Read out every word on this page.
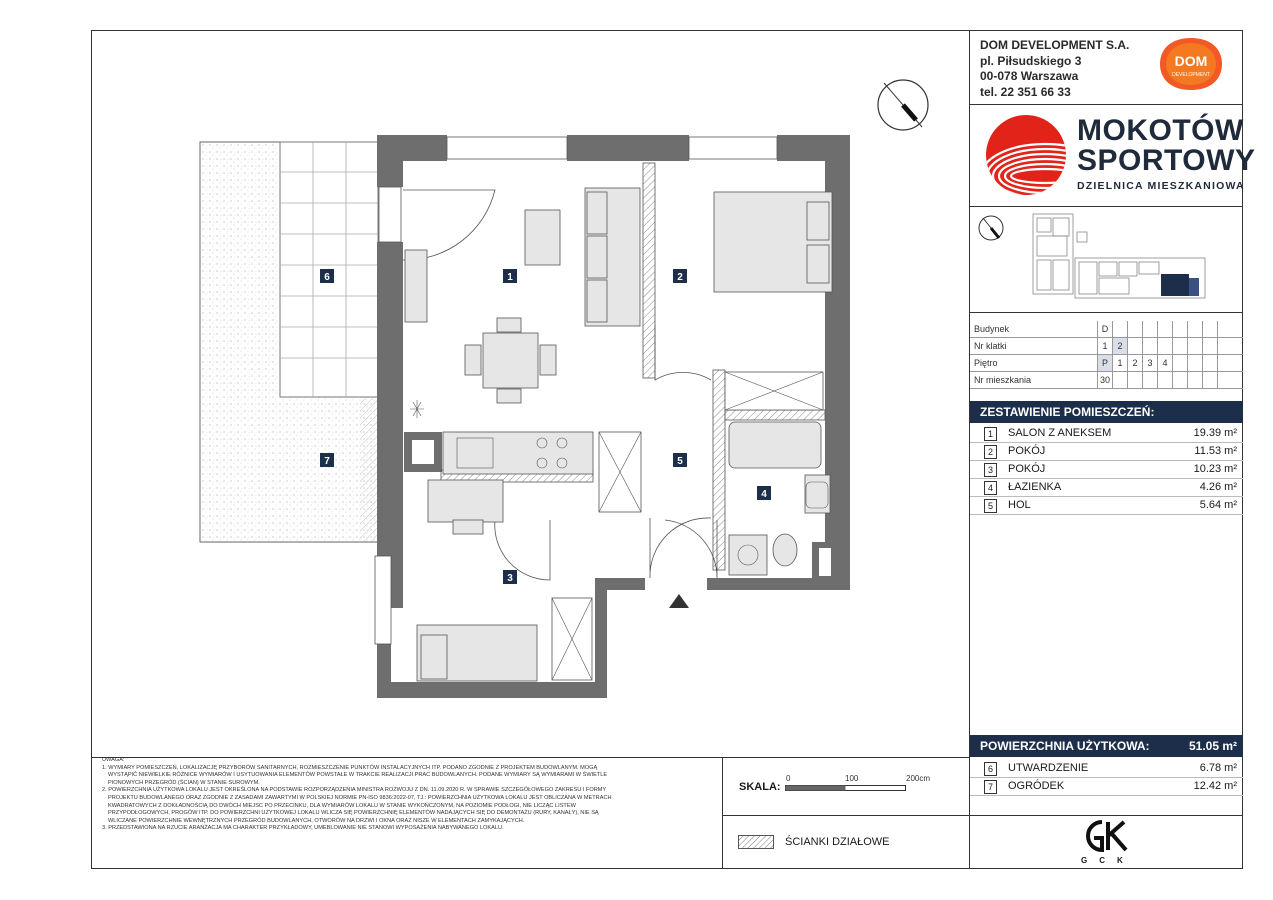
DOM DEVELOPMENT S.A.
pl. Piłsudskiego 3
00-078 Warszawa
tel. 22 351 66 33
DOM
DEVELOPMENT
MOKOTÓW
SPORTOWY
DZIELNICA MIESZKANIOWA
Budynek	D
Nr klatki	1	2
Piętro	P	1	2	3	4
Nr mieszkania	30
ZESTAWIENIE POMIESZCZEŃ:
1	SALON Z ANEKSEM	19.39 m²
2	POKÓJ	11.53 m²
3	POKÓJ	10.23 m²
4	ŁAZIENKA	4.26 m²
5	HOL	5.64 m²
POWIERZCHNIA UŻYTKOWA:	51.05 m²
6	UTWARDZENIE	6.78 m²
7	OGRÓDEK	12.42 m²
UWAGA:
1. WYMIARY POMIESZCZEŃ, LOKALIZACJĘ PRZYBORÓW SANITARNYCH, ROZMIESZCZENIE PUNKTÓW INSTALACYJNYCH ITP. PODANO ZGODNIE Z PROJEKTEM BUDOWLANYM. MOGĄ
WYSTĄPIĆ NIEWIELKIE RÓŻNICE WYMIARÓW I USYTUOWANIA ELEMENTÓW POWSTAŁE W TRAKCIE REALIZACJI PRAC BUDOWLANYCH. PODANE WYMIARY SĄ WYMIARAMI W ŚWIETLE
PIONOWYCH PRZEGRÓD (ŚCIAN) W STANIE SUROWYM.
2. POWIERZCHNIA UŻYTKOWA LOKALU JEST OKREŚLONA NA PODSTAWIE ROZPORZĄDZENIA MINISTRA ROZWOJU Z DN. 11.09.2020 R. W SPRAWIE SZCZEGÓŁOWEGO ZAKRESU I FORMY
PROJEKTU BUDOWLANEGO ORAZ ZGODNIE Z ZASADAMI ZAWARTYMI W POLSKIEJ NORMIE PN-ISO 9836:2022-07, TJ.: POWIERZCHNIA UŻYTKOWA LOKALU JEST OBLICZANA W METRACH
KWADRATOWYCH Z DOKŁADNOŚCIĄ DO DWÓCH MIEJSC PO PRZECINKU, DLA WYMIARÓW LOKALU W STANIE WYKOŃCZONYM, NA POZIOMIE PODŁOGI, NIE LICZĄC LISTEW
PRZYPODŁOGOWYCH, PROGÓW ITP. DO POWIERZCHNI UŻYTKOWEJ LOKALU WLICZA SIĘ POWIERZCHNIĘ ELEMENTÓW NADAJĄCYCH SIĘ DO DEMONTAŻU (RURY, KANAŁY), NIE SĄ
WLICZANE POWIERZCHNIE WEWNĘTRZNYCH PRZEGRÓD BUDOWLANYCH, OTWORÓW NA DRZWI I OKNA ORAZ NISZE W ELEMENTACH ZAMYKAJĄCYCH.
3. PRZEDSTAWIONA NA RZUCIE ARANŻACJA MA CHARAKTER PRZYKŁADOWY, UMEBLOWANIE NIE STANOWI WYPOSAŻENIA NABYWANEGO LOKALU.
SKALA:
0	100	200cm
ŚCIANKI DZIAŁOWE
GCK
6
7
1	2
5
4
3
